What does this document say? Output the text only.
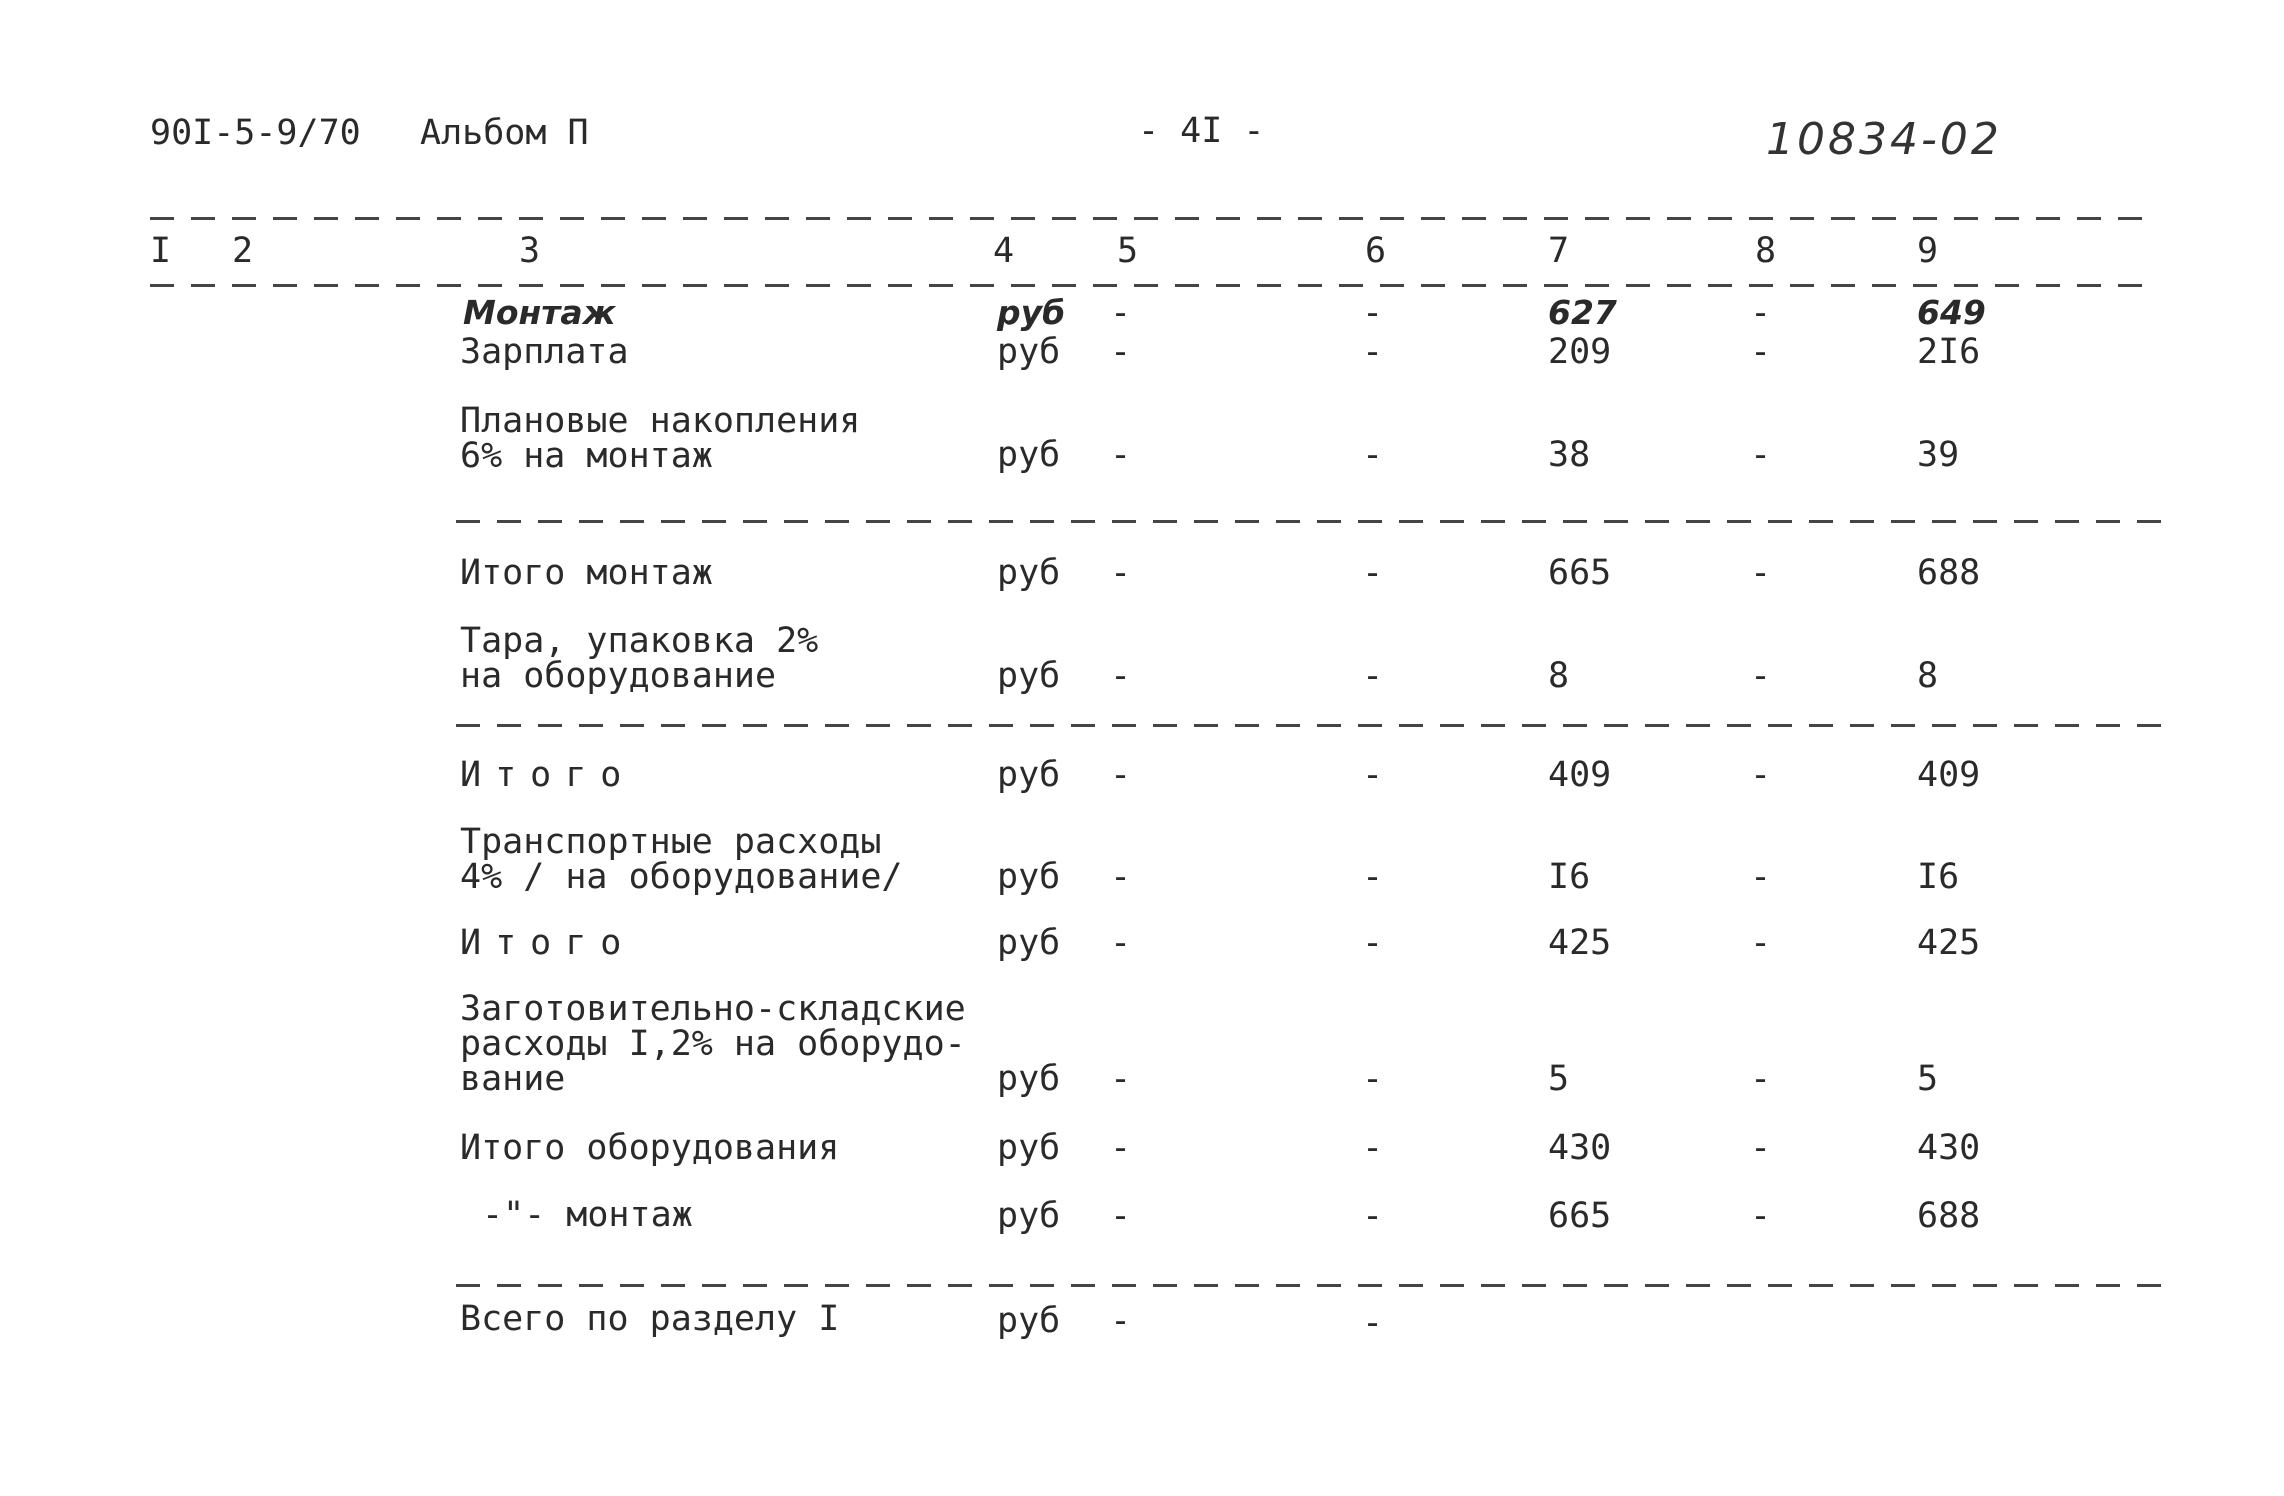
90I-5-9/70 Альбом П	- 4I -	10834-02
I 2	3	4	5	6	7	8	9
Монтаж	руб -	-	627	-	649
Зарплата	руб -	-	209	-	2I6
Плановые накопления
6% на монтаж	руб -	-	38	-	39
Итого монтаж	руб -	-	665	-	688
Тара, упаковка 2%
на оборудование	руб -	-	8	-	8
Итого	руб -	-	409	-	409
Транспортные расходы
4% / на оборудование/	руб -	-	I6	-	I6
Итого	руб -	-	425	-	425
Заготовительно-складские
расходы I,2% на оборудо-
вание	руб -	-	5	-	5
Итого оборудования	руб -	-	430	-	430
-"- монтаж	руб -	-	665	-	688
Всего по разделу I	руб -	-
